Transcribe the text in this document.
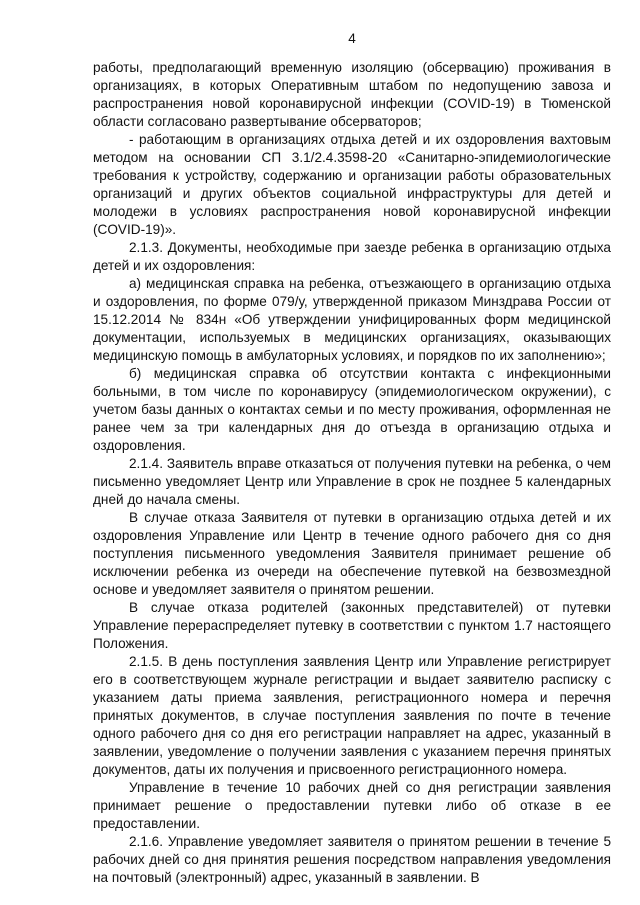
4

работы, предполагающий временную изоляцию (обсервацию) проживания в организациях, в которых Оперативным штабом по недопущению завоза и распространения новой коронавирусной инфекции (COVID-19) в Тюменской области согласовано развертывание обсерваторов;

- работающим в организациях отдыха детей и их оздоровления вахтовым методом на основании СП 3.1/2.4.3598-20 «Санитарно-эпидемиологические требования к устройству, содержанию и организации работы образовательных организаций и других объектов социальной инфраструктуры для детей и молодежи в условиях распространения новой коронавирусной инфекции (COVID-19)».

2.1.3. Документы, необходимые при заезде ребенка в организацию отдыха детей и их оздоровления:

а) медицинская справка на ребенка, отъезжающего в организацию отдыха и оздоровления, по форме 079/у, утвержденной приказом Минздрава России от 15.12.2014 № 834н «Об утверждении унифицированных форм медицинской документации, используемых в медицинских организациях, оказывающих медицинскую помощь в амбулаторных условиях, и порядков по их заполнению»;

б) медицинская справка об отсутствии контакта с инфекционными больными, в том числе по коронавирусу (эпидемиологическом окружении), с учетом базы данных о контактах семьи и по месту проживания, оформленная не ранее чем за три календарных дня до отъезда в организацию отдыха и оздоровления.

2.1.4. Заявитель вправе отказаться от получения путевки на ребенка, о чем письменно уведомляет Центр или Управление в срок не позднее 5 календарных дней до начала смены.

В случае отказа Заявителя от путевки в организацию отдыха детей и их оздоровления Управление или Центр в течение одного рабочего дня со дня поступления письменного уведомления Заявителя принимает решение об исключении ребенка из очереди на обеспечение путевкой на безвозмездной основе и уведомляет заявителя о принятом решении.

В случае отказа родителей (законных представителей) от путевки Управление перераспределяет путевку в соответствии с пунктом 1.7 настоящего Положения.

2.1.5. В день поступления заявления Центр или Управление регистрирует его в соответствующем журнале регистрации и выдает заявителю расписку с указанием даты приема заявления, регистрационного номера и перечня принятых документов, в случае поступления заявления по почте в течение одного рабочего дня со дня его регистрации направляет на адрес, указанный в заявлении, уведомление о получении заявления с указанием перечня принятых документов, даты их получения и присвоенного регистрационного номера.

Управление в течение 10 рабочих дней со дня регистрации заявления принимает решение о предоставлении путевки либо об отказе в ее предоставлении.

2.1.6. Управление уведомляет заявителя о принятом решении в течение 5 рабочих дней со дня принятия решения посредством направления уведомления на почтовый (электронный) адрес, указанный в заявлении. В
